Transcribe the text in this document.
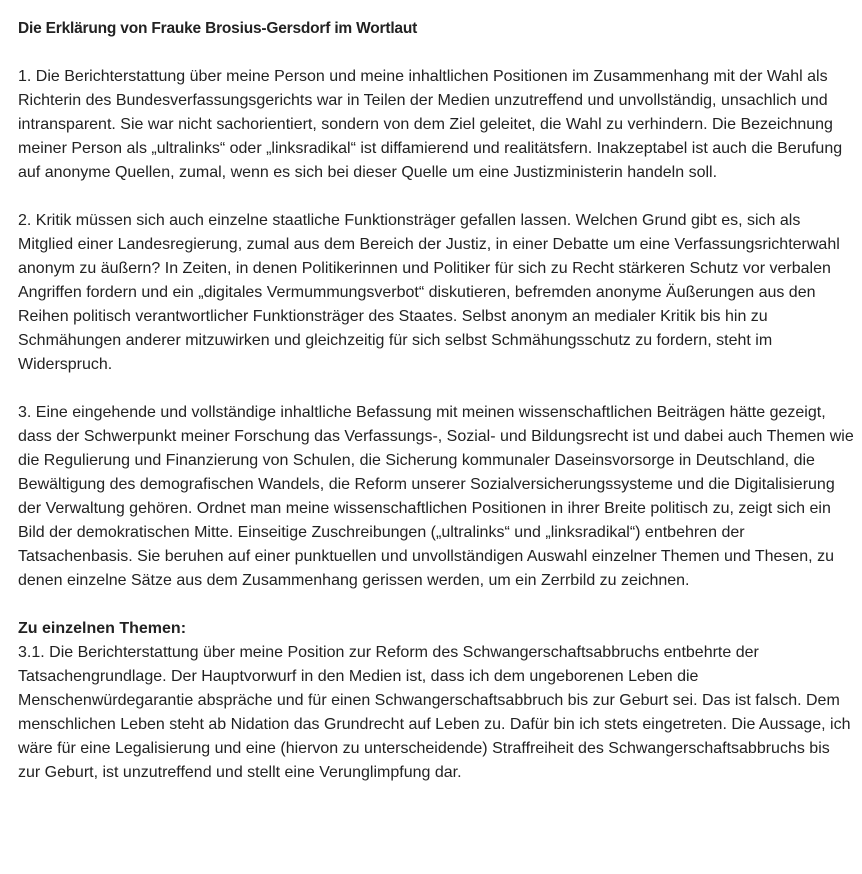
Die Erklärung von Frauke Brosius-Gersdorf im Wortlaut

1. Die Berichterstattung über meine Person und meine inhaltlichen Positionen im Zusammenhang mit der Wahl als Richterin des Bundesverfassungsgerichts war in Teilen der Medien unzutreffend und unvollständig, unsachlich und intransparent. Sie war nicht sachorientiert, sondern von dem Ziel geleitet, die Wahl zu verhindern. Die Bezeichnung meiner Person als „ultralinks“ oder „linksradikal“ ist diffamierend und realitätsfern. Inakzeptabel ist auch die Berufung auf anonyme Quellen, zumal, wenn es sich bei dieser Quelle um eine Justizministerin handeln soll.

2. Kritik müssen sich auch einzelne staatliche Funktionsträger gefallen lassen. Welchen Grund gibt es, sich als Mitglied einer Landesregierung, zumal aus dem Bereich der Justiz, in einer Debatte um eine Verfassungsrichterwahl anonym zu äußern? In Zeiten, in denen Politikerinnen und Politiker für sich zu Recht stärkeren Schutz vor verbalen Angriffen fordern und ein „digitales Vermummungsverbot“ diskutieren, befremden anonyme Äußerungen aus den Reihen politisch verantwortlicher Funktionsträger des Staates. Selbst anonym an medialer Kritik bis hin zu Schmähungen anderer mitzuwirken und gleichzeitig für sich selbst Schmähungsschutz zu fordern, steht im Widerspruch.

3. Eine eingehende und vollständige inhaltliche Befassung mit meinen wissenschaftlichen Beiträgen hätte gezeigt, dass der Schwerpunkt meiner Forschung das Verfassungs-, Sozial- und Bildungsrecht ist und dabei auch Themen wie die Regulierung und Finanzierung von Schulen, die Sicherung kommunaler Daseinsvorsorge in Deutschland, die Bewältigung des demografischen Wandels, die Reform unserer Sozialversicherungssysteme und die Digitalisierung der Verwaltung gehören. Ordnet man meine wissenschaftlichen Positionen in ihrer Breite politisch zu, zeigt sich ein Bild der demokratischen Mitte. Einseitige Zuschreibungen („ultralinks“ und „linksradikal“) entbehren der Tatsachenbasis. Sie beruhen auf einer punktuellen und unvollständigen Auswahl einzelner Themen und Thesen, zu denen einzelne Sätze aus dem Zusammenhang gerissen werden, um ein Zerrbild zu zeichnen.

Zu einzelnen Themen:

3.1. Die Berichterstattung über meine Position zur Reform des Schwangerschaftsabbruchs entbehrte der Tatsachengrundlage. Der Hauptvorwurf in den Medien ist, dass ich dem ungeborenen Leben die Menschenwürdegarantie abspräche und für einen Schwangerschaftsabbruch bis zur Geburt sei. Das ist falsch. Dem menschlichen Leben steht ab Nidation das Grundrecht auf Leben zu. Dafür bin ich stets eingetreten. Die Aussage, ich wäre für eine Legalisierung und eine (hiervon zu unterscheidende) Straffreiheit des Schwangerschaftsabbruchs bis zur Geburt, ist unzutreffend und stellt eine Verunglimpfung dar.
